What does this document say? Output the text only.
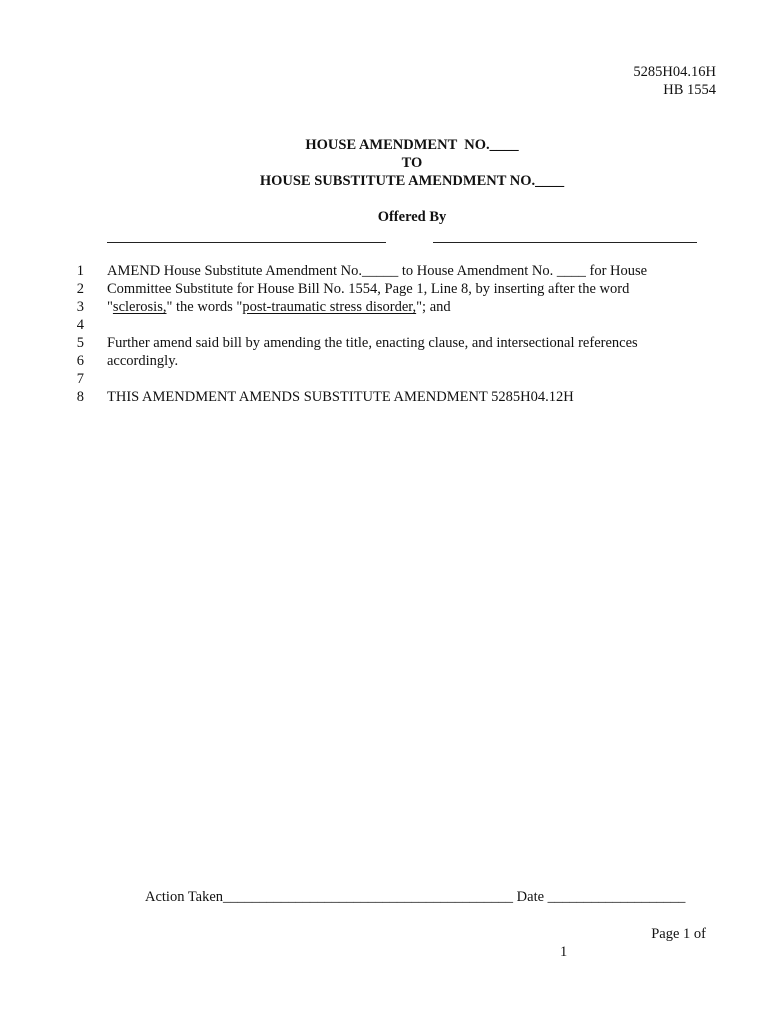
5285H04.16H
HB 1554
HOUSE AMENDMENT  NO.____
TO
HOUSE SUBSTITUTE AMENDMENT NO.____
Offered By
1 AMEND House Substitute Amendment No._____ to House Amendment No. ____ for House
2 Committee Substitute for House Bill No. 1554, Page 1, Line 8, by inserting after the word
3 "sclerosis," the words "post-traumatic stress disorder,"; and
4
5 Further amend said bill by amending the title, enacting clause, and intersectional references
6 accordingly.
7
8 THIS AMENDMENT AMENDS SUBSTITUTE AMENDMENT 5285H04.12H
Action Taken________________________________________ Date ___________________
Page 1 of
1
